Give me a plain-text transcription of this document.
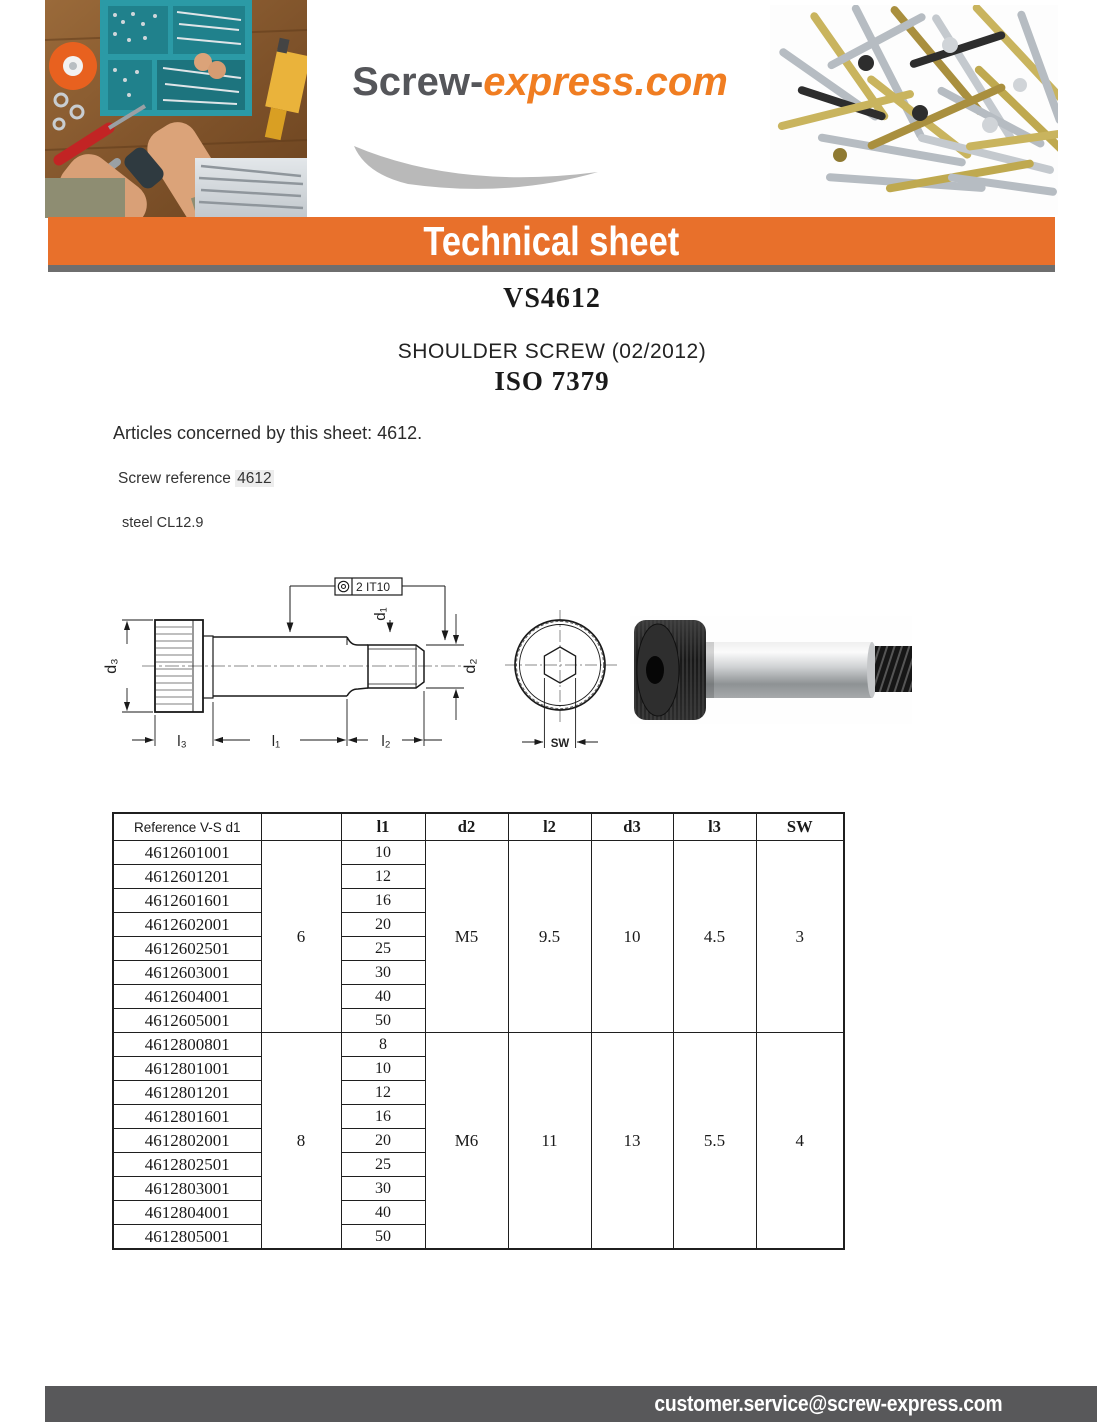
Screw-express.com
Technical sheet
VS4612
SHOULDER SCREW (02/2012)
ISO 7379
Articles concerned by this sheet: 4612.
Screw reference 4612
steel CL12.9
2 IT10
d₁
d₃	d₂
l₃	l₁	l₂	SW
Reference V-S d1		l1	d2	l2	d3	l3	SW
4612601001	6	10	M5	9.5	10	4.5	3
4612601201		12					
4612601601		16					
4612602001		20					
4612602501		25					
4612603001		30					
4612604001		40					
4612605001		50					
4612800801	8	8	M6	11	13	5.5	4
4612801001		10					
4612801201		12					
4612801601		16					
4612802001		20					
4612802501		25					
4612803001		30					
4612804001		40					
4612805001		50					
customer.service@screw-express.com
